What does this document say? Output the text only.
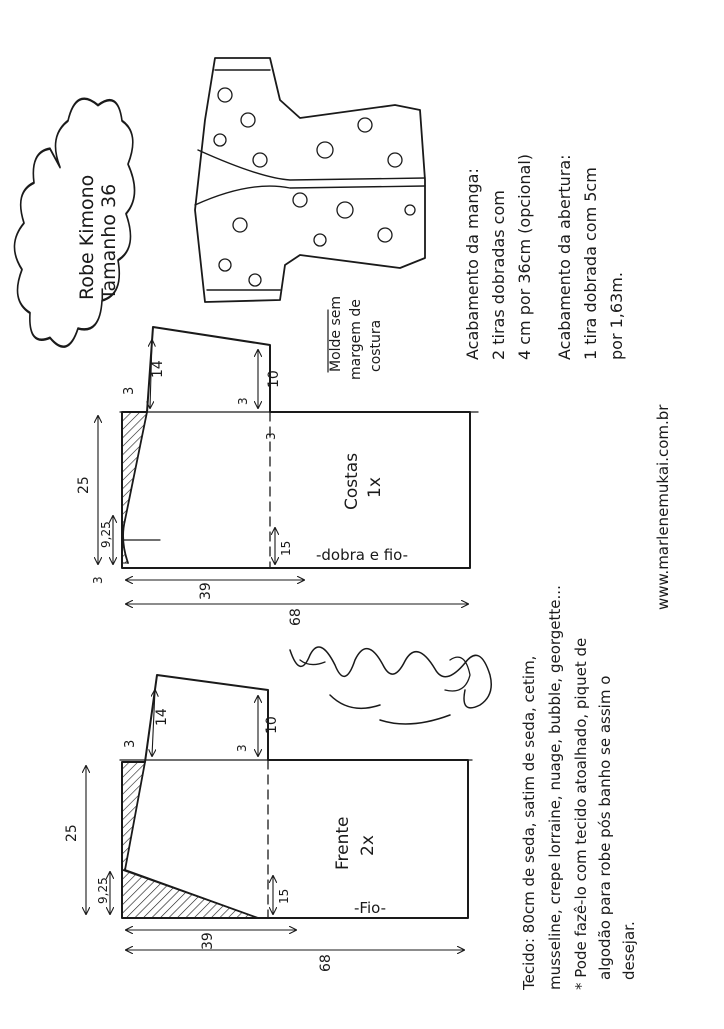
Robe Kimono Tamanho 36
Molde sem margem de costura	Acabamento da manga: 2 tiras dobradas com 4 cm por 36cm (opcional) Acabamento da abertura: 1 tira dobrada com 5cm por 1,63m.
www.marlenemukai.com.br
Costas 1x
-dobra e fio-
14
10
3
3
3
25
9,25
3
15
39
68
Frente 2x
-Fio-
14	10
3
3
25
9,25	15
39
68	Tecido: 80cm de seda, satim de seda, cetim, musseline, crepe lorraine, nuage, bubble, georgette... * Pode fazê-lo com tecido atoalhado, piquet de algodão para robe pós banho se assim o desejar.
